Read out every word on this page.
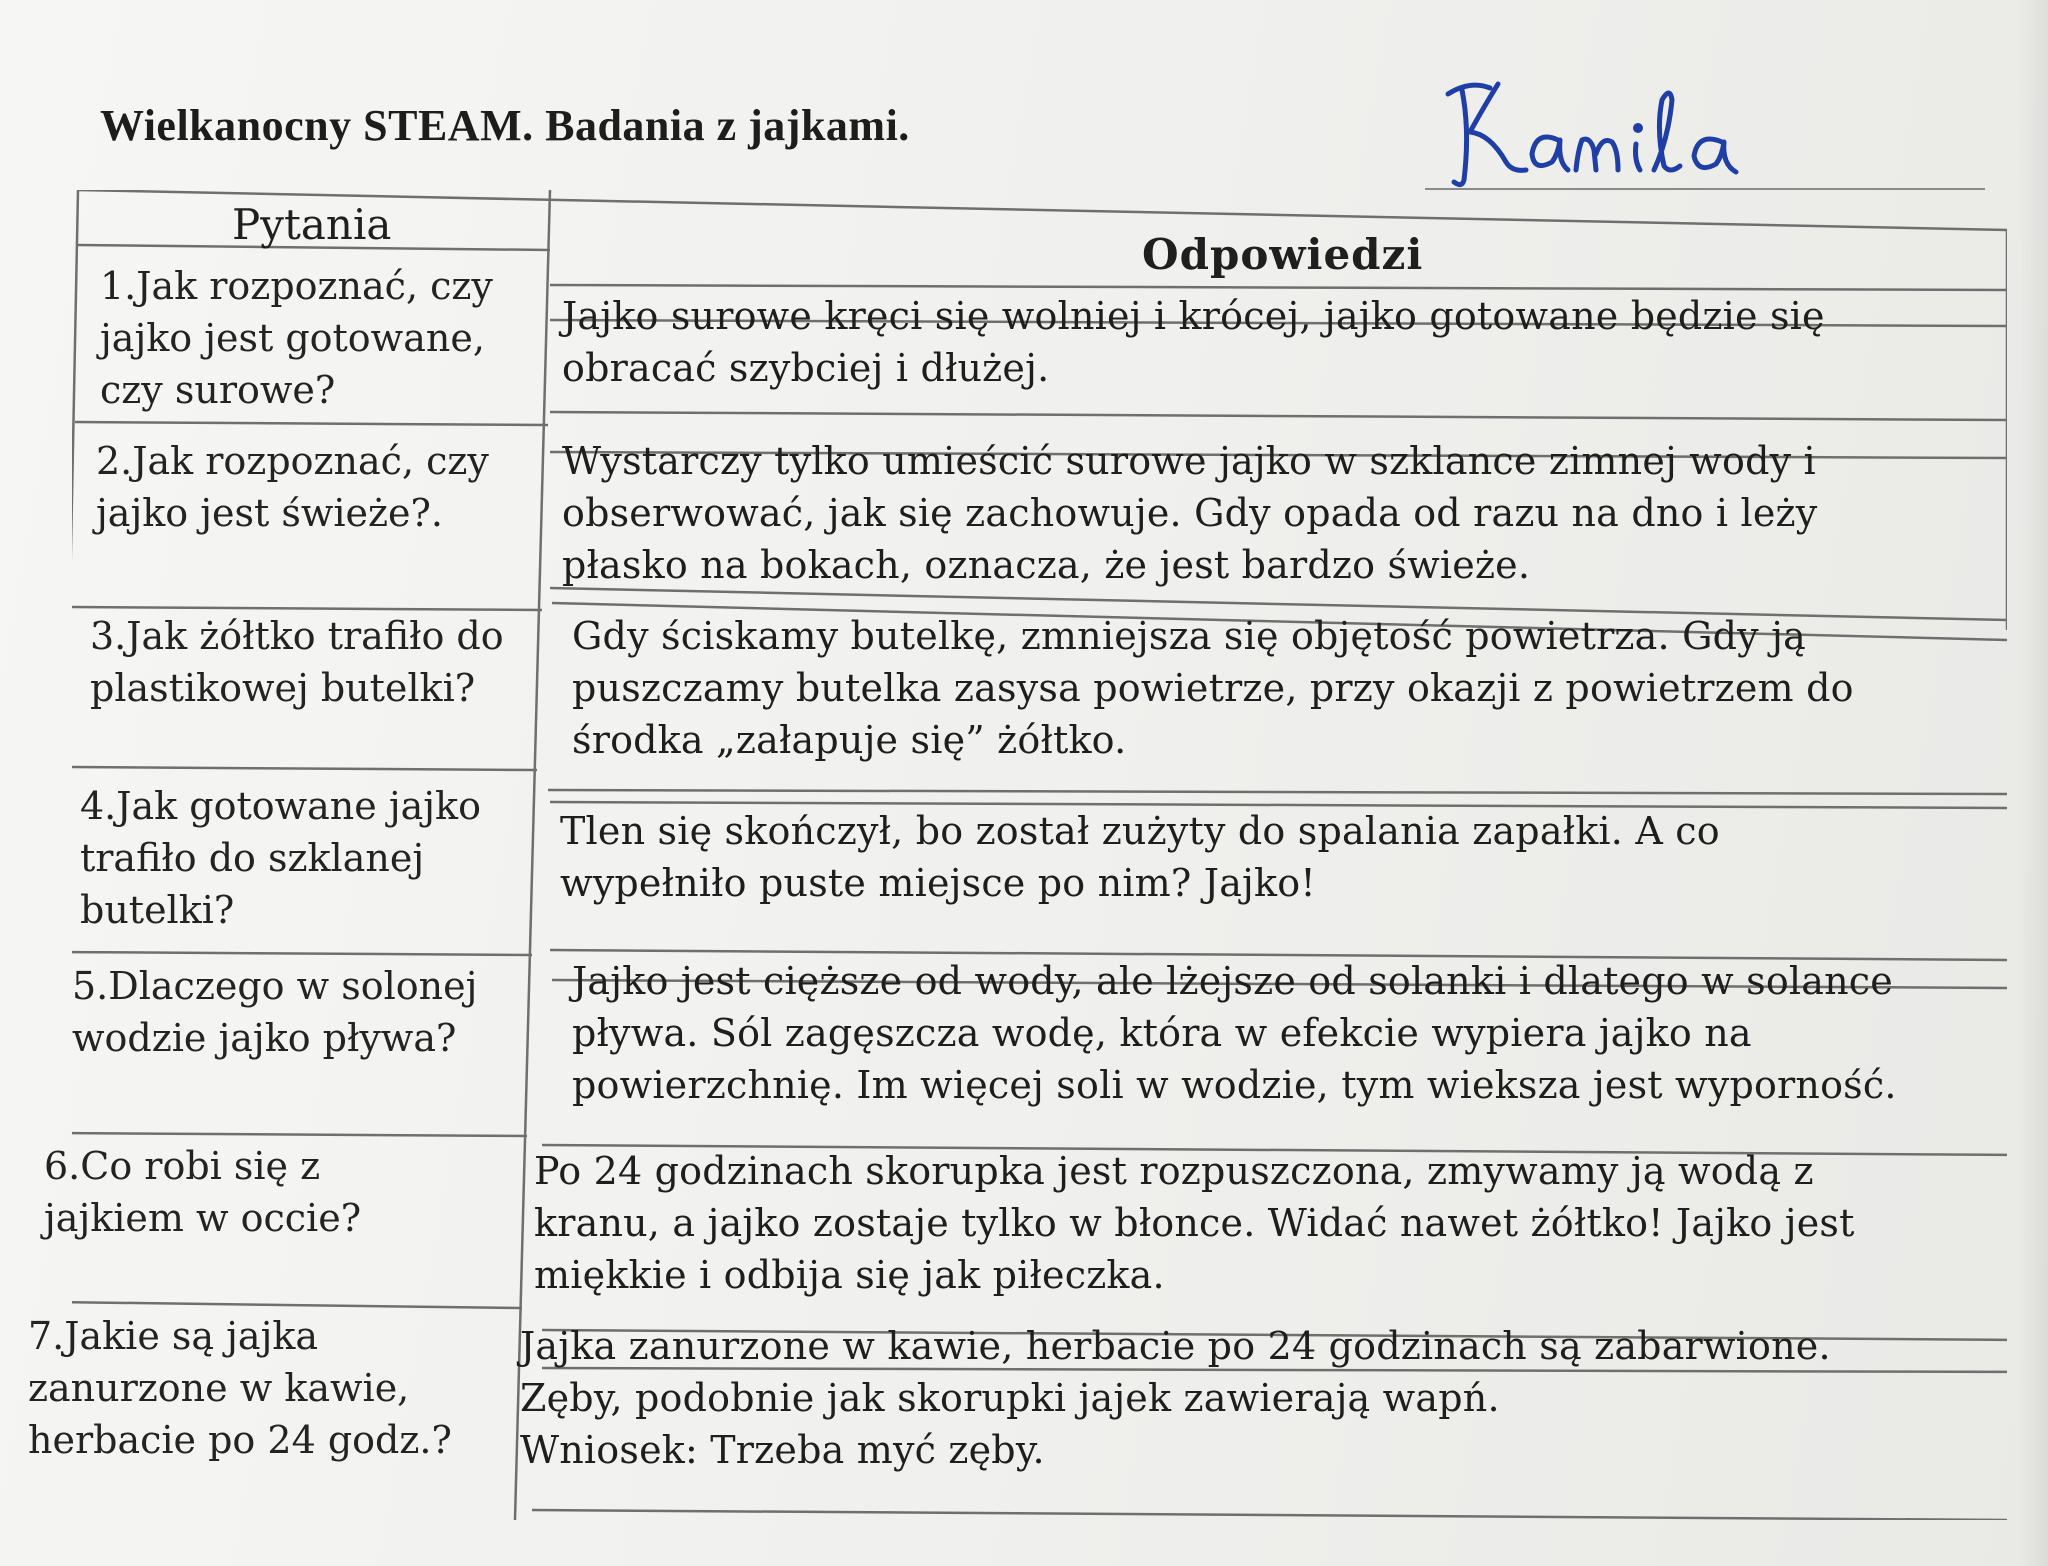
Wielkanocny STEAM. Badania z jajkami.
Pytania
Odpowiedzi
1.Jak rozpoznać, czy
jajko jest gotowane,
czy surowe?
Jajko surowe kręci się wolniej i krócej, jajko gotowane będzie się
obracać szybciej i dłużej.
2.Jak rozpoznać, czy
jajko jest świeże?.
Wystarczy tylko umieścić surowe jajko w szklance zimnej wody i
obserwować, jak się zachowuje. Gdy opada od razu na dno i leży
płasko na bokach, oznacza, że jest bardzo świeże.
3.Jak żółtko trafiło do
plastikowej butelki?
Gdy ściskamy butelkę, zmniejsza się objętość powietrza. Gdy ją
puszczamy butelka zasysa powietrze, przy okazji z powietrzem do
środka „załapuje się” żółtko.
4.Jak gotowane jajko
trafiło do szklanej
butelki?
Tlen się skończył, bo został zużyty do spalania zapałki. A co
wypełniło puste miejsce po nim? Jajko!
5.Dlaczego w solonej
wodzie jajko pływa?
Jajko jest cięższe od wody, ale lżejsze od solanki i dlatego w solance
pływa. Sól zagęszcza wodę, która w efekcie wypiera jajko na
powierzchnię. Im więcej soli w wodzie, tym wieksza jest wyporność.
6.Co robi się z
jajkiem w occie?
Po 24 godzinach skorupka jest rozpuszczona, zmywamy ją wodą z
kranu, a jajko zostaje tylko w błonce. Widać nawet żółtko! Jajko jest
miękkie i odbija się jak piłeczka.
7.Jakie są jajka
zanurzone w kawie,
herbacie po 24 godz.?
Jajka zanurzone w kawie, herbacie po 24 godzinach są zabarwione.
Zęby, podobnie jak skorupki jajek zawierają wapń.
Wniosek: Trzeba myć zęby.
